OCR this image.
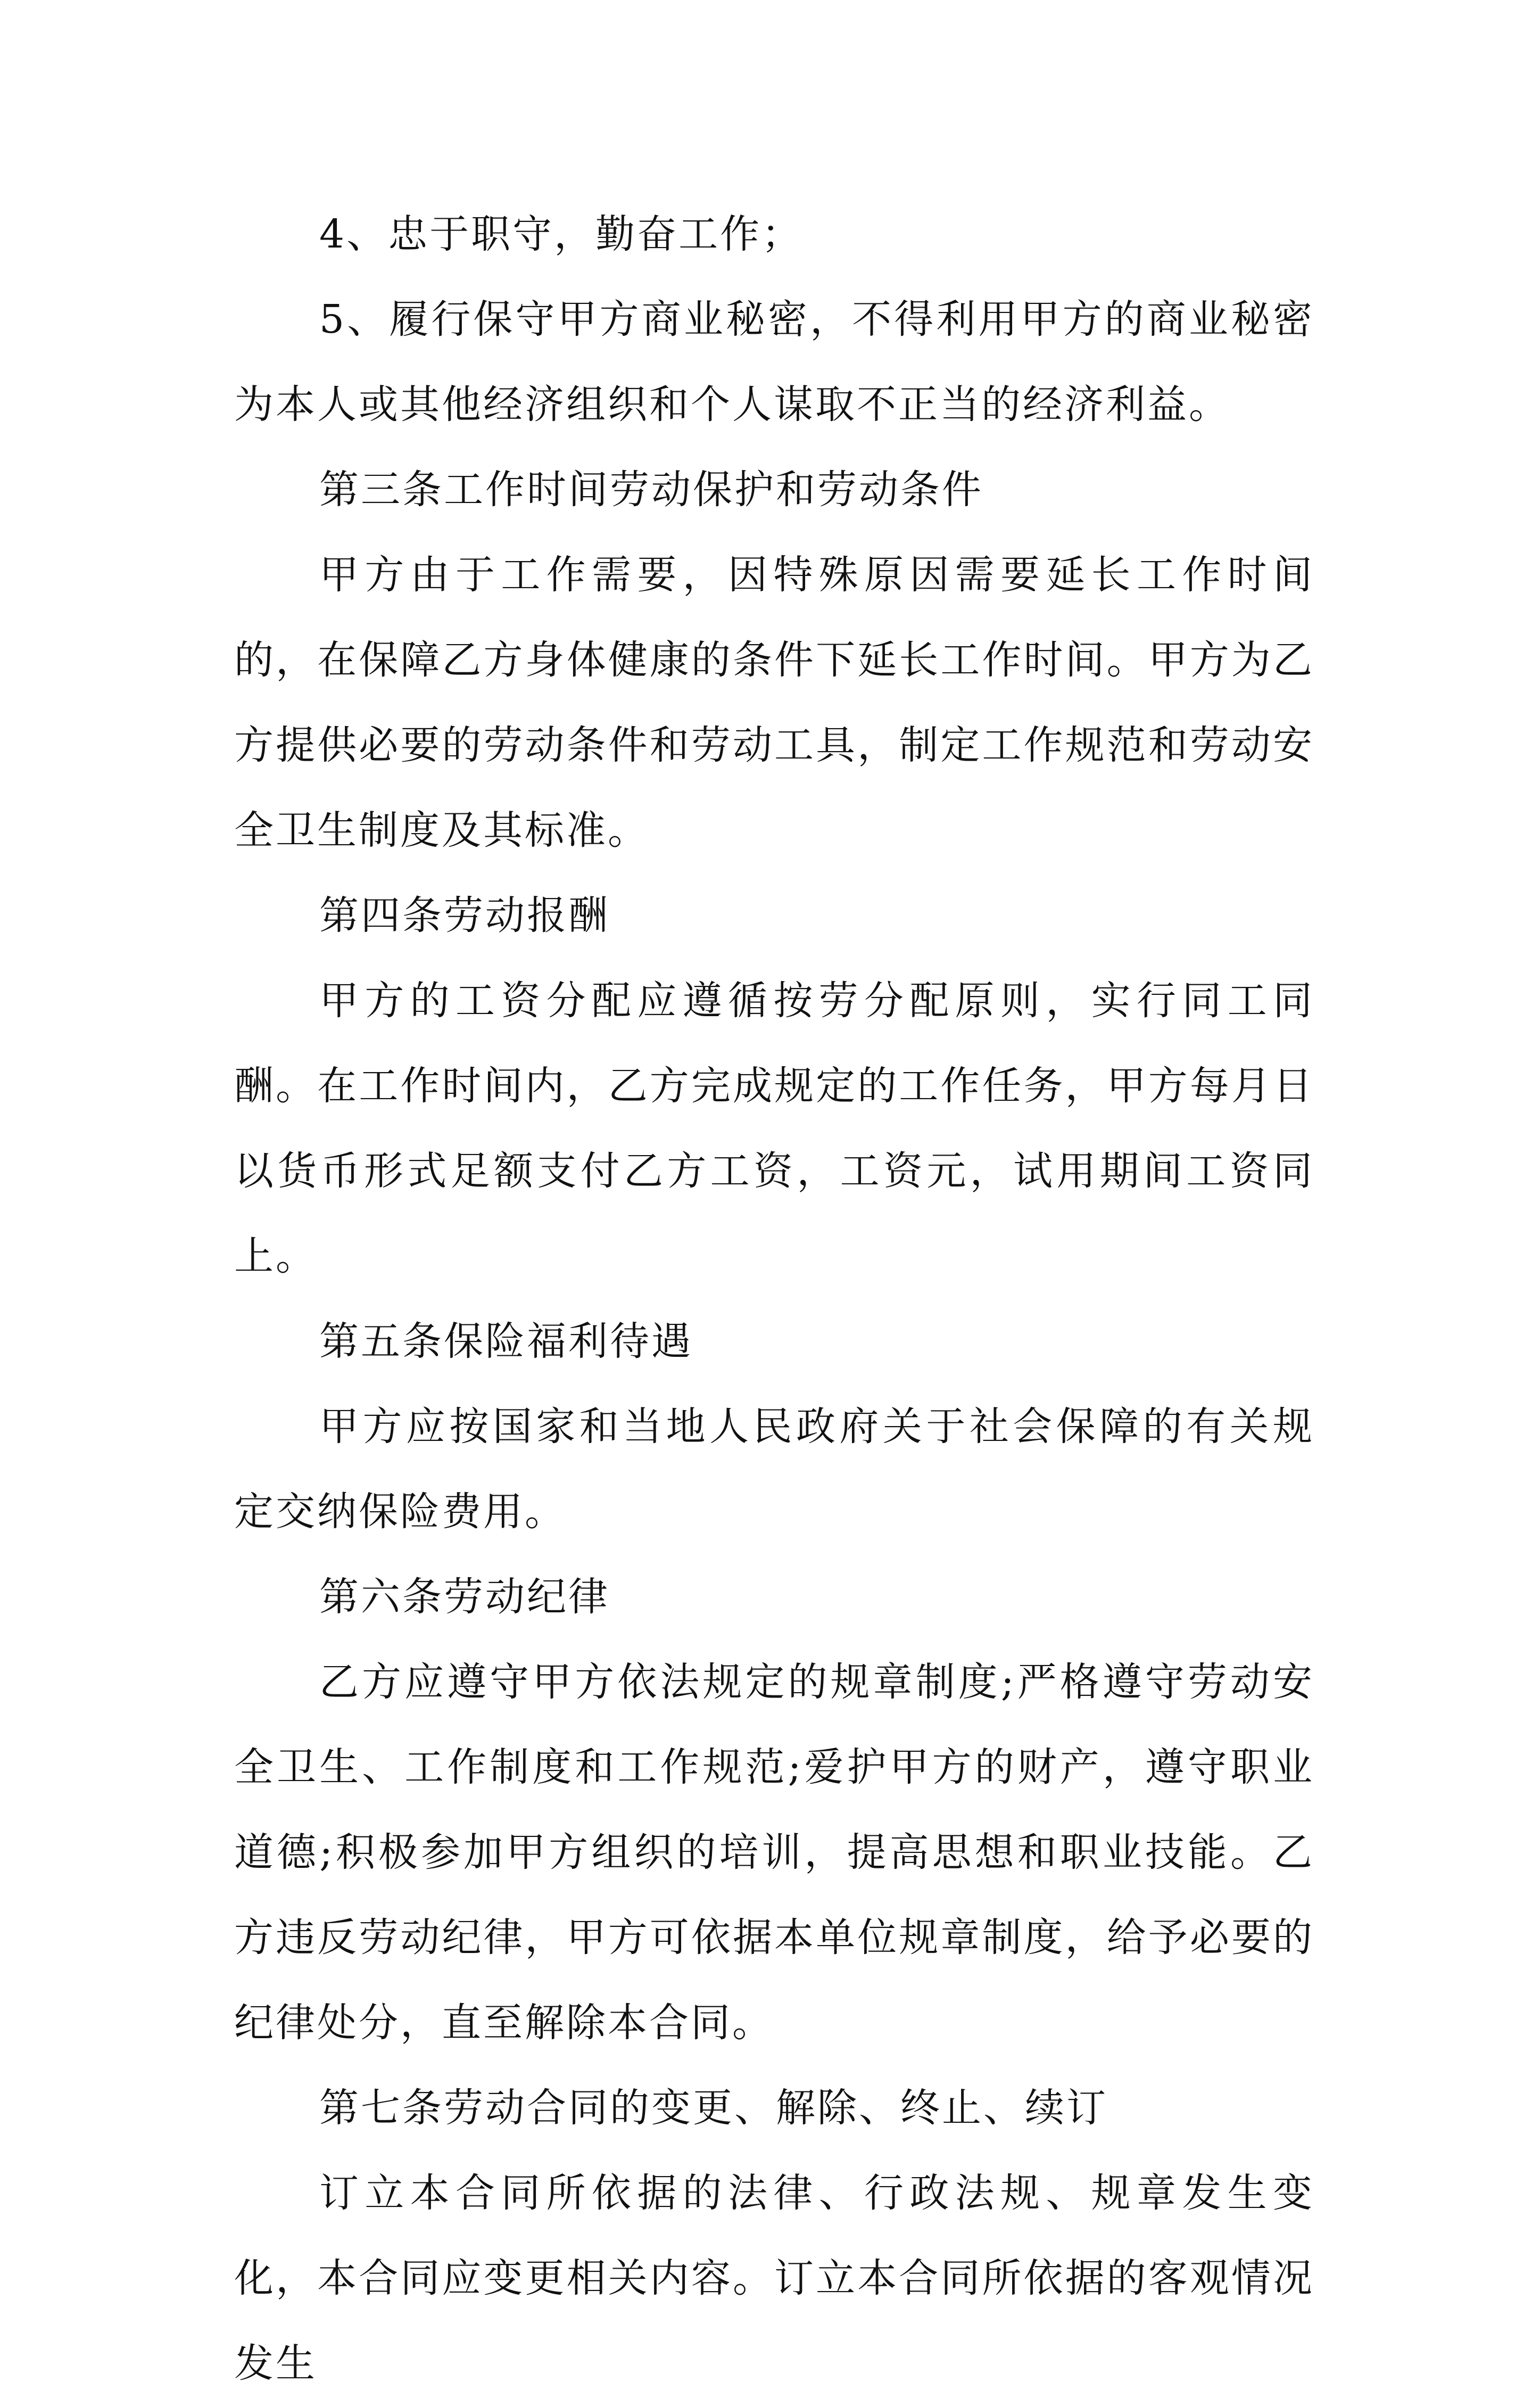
4、忠于职守，勤奋工作；

5、履行保守甲方商业秘密，不得利用甲方的商业秘密为本人或其他经济组织和个人谋取不正当的经济利益。

第三条工作时间劳动保护和劳动条件

甲方由于工作需要，因特殊原因需要延长工作时间的，在保障乙方身体健康的条件下延长工作时间。甲方为乙方提供必要的劳动条件和劳动工具，制定工作规范和劳动安全卫生制度及其标准。

第四条劳动报酬

甲方的工资分配应遵循按劳分配原则，实行同工同酬。在工作时间内，乙方完成规定的工作任务，甲方每月日以货币形式足额支付乙方工资，工资元，试用期间工资同上。

第五条保险福利待遇

甲方应按国家和当地人民政府关于社会保障的有关规定交纳保险费用。

第六条劳动纪律

乙方应遵守甲方依法规定的规章制度;严格遵守劳动安全卫生、工作制度和工作规范;爱护甲方的财产，遵守职业道德;积极参加甲方组织的培训，提高思想和职业技能。乙方违反劳动纪律，甲方可依据本单位规章制度，给予必要的纪律处分，直至解除本合同。

第七条劳动合同的变更、解除、终止、续订

订立本合同所依据的法律、行政法规、规章发生变化，本合同应变更相关内容。订立本合同所依据的客观情况发生
